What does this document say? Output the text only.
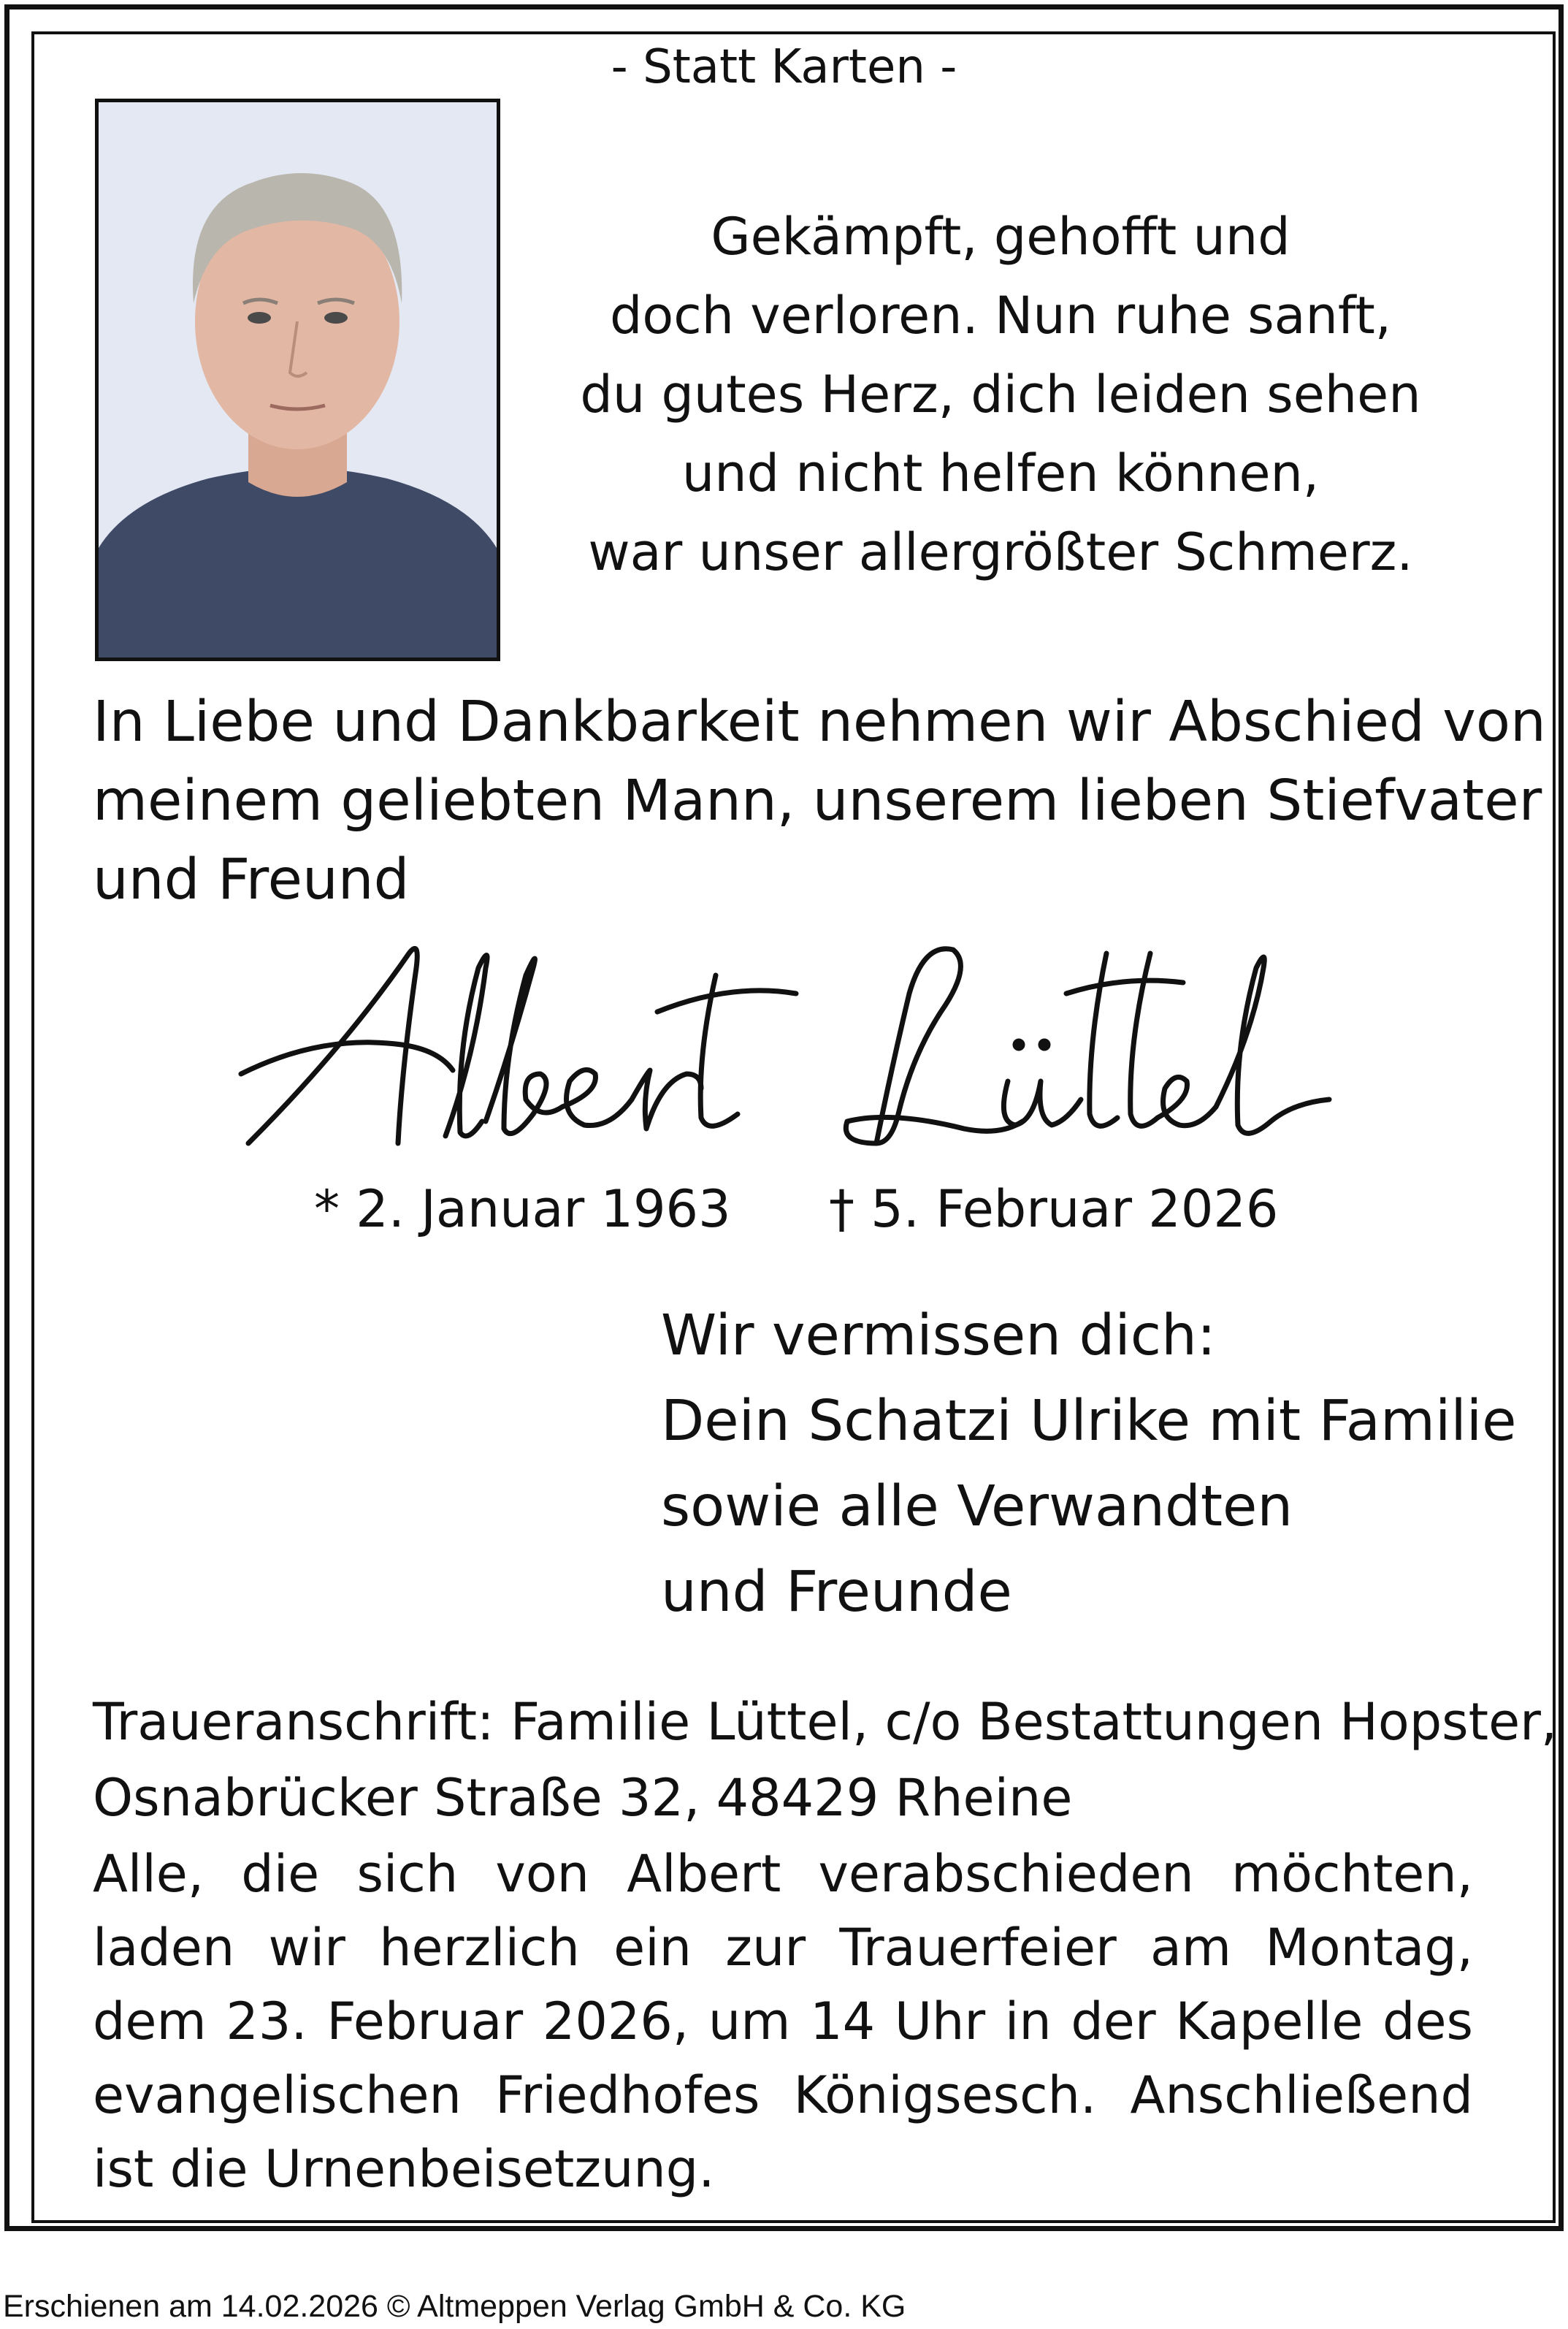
- Statt Karten -

Gekämpft, gehofft und
doch verloren. Nun ruhe sanft,
du gutes Herz, dich leiden sehen
und nicht helfen können,
war unser allergrößter Schmerz.
In Liebe und Dankbarkeit nehmen wir Abschied von
meinem geliebten Mann, unserem lieben Stiefvater
und Freund

* 2. Januar 1963 † 5. Februar 2026

Wir vermissen dich:
Dein Schatzi Ulrike mit Familie
sowie alle Verwandten
und Freunde
Traueranschrift: Familie Lüttel, c/o Bestattungen Hopster,
Osnabrücker Straße 32, 48429 Rheine

Alle, die sich von Albert verabschieden möchten, laden wir herzlich ein zur Trauerfeier am Montag, dem 23. Februar 2026, um 14 Uhr in der Kapelle des evangelischen Friedhofes Königsesch. Anschließend ist die Urnenbeisetzung.

Erschienen am 14.02.2026 © Altmeppen Verlag GmbH & Co. KG
